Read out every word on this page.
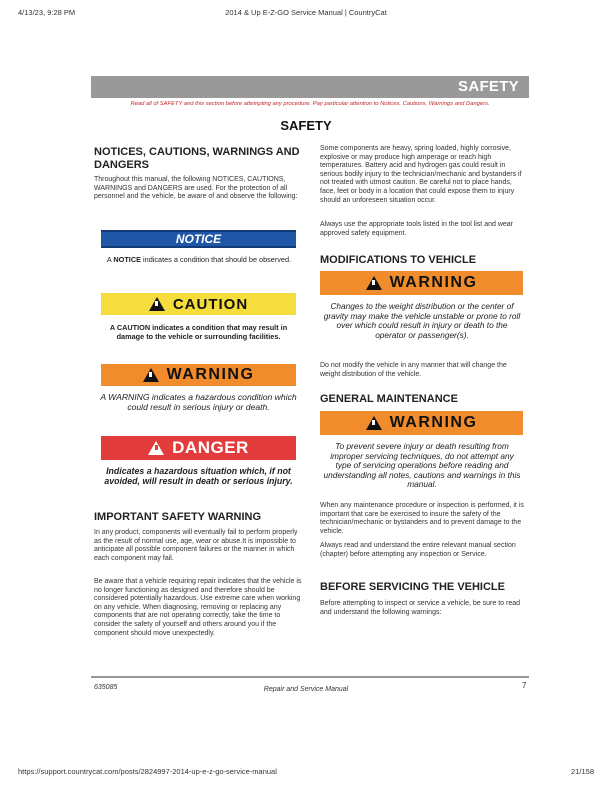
4/13/23, 9:28 PM	2014 & Up E-Z-GO Service Manual | CountryCat
SAFETY
Read all of SAFETY and this section before attempting any procedure. Pay particular attention to Notices, Cautions, Warnings and Dangers.
SAFETY
NOTICES, CAUTIONS, WARNINGS AND DANGERS
Throughout this manual, the following NOTICES, CAUTIONS, WARNINGS and DANGERS are used. For the protection of all personnel and the vehicle, be aware of and observe the following:
NOTICE
A NOTICE indicates a condition that should be observed.
CAUTION
A CAUTION indicates a condition that may result in damage to the vehicle or surrounding facilities.
WARNING
A WARNING indicates a hazardous condition which could result in serious injury or death.
DANGER
Indicates a hazardous situation which, if not avoided, will result in death or serious injury.
IMPORTANT SAFETY WARNING
In any product, components will eventually fail to perform properly as the result of normal use, age, wear or abuse.It is impossible to anticipate all possible component failures or the manner in which each component may fail.
Be aware that a vehicle requiring repair indicates that the vehicle is no longer functioning as designed and therefore should be considered potentially hazardous. Use extreme care when working on any vehicle. When diagnosing, removing or replacing any components that are not operating correctly, take the time to consider the safety of yourself and others around you if the component should move unexpectedly.
Some components are heavy, spring loaded, highly corrosive, explosive or may produce high amperage or reach high temperatures. Battery acid and hydrogen gas could result in serious bodily injury to the technician/mechanic and bystanders if not treated with utmost caution. Be careful not to place hands, face, feet or body in a location that could expose them to injury should an unforeseen situation occur.
Always use the appropriate tools listed in the tool list and wear approved safety equipment.
MODIFICATIONS TO VEHICLE
WARNING
Changes to the weight distribution or the center of gravity may make the vehicle unstable or prone to roll over which could result in injury or death to the operator or passenger(s).
Do not modify the vehicle in any manner that will change the weight distribution of the vehicle.
GENERAL MAINTENANCE
WARNING
To prevent severe injury or death resulting from improper servicing techniques, do not attempt any type of servicing operations before reading and understanding all notes, cautions and warnings in this manual.
When any maintenance procedure or inspection is performed, it is important that care be exercised to insure the safety of the technician/mechanic or bystanders and to prevent damage to the vehicle.
Always read and understand the entire relevant manual section (chapter) before attempting any inspection or Service.
BEFORE SERVICING THE VEHICLE
Before attempting to inspect or service a vehicle, be sure to read and understand the following warnings:
635085	Repair and Service Manual	7
https://support.countrycat.com/posts/2824997-2014-up-e-z-go-service-manual	21/158
